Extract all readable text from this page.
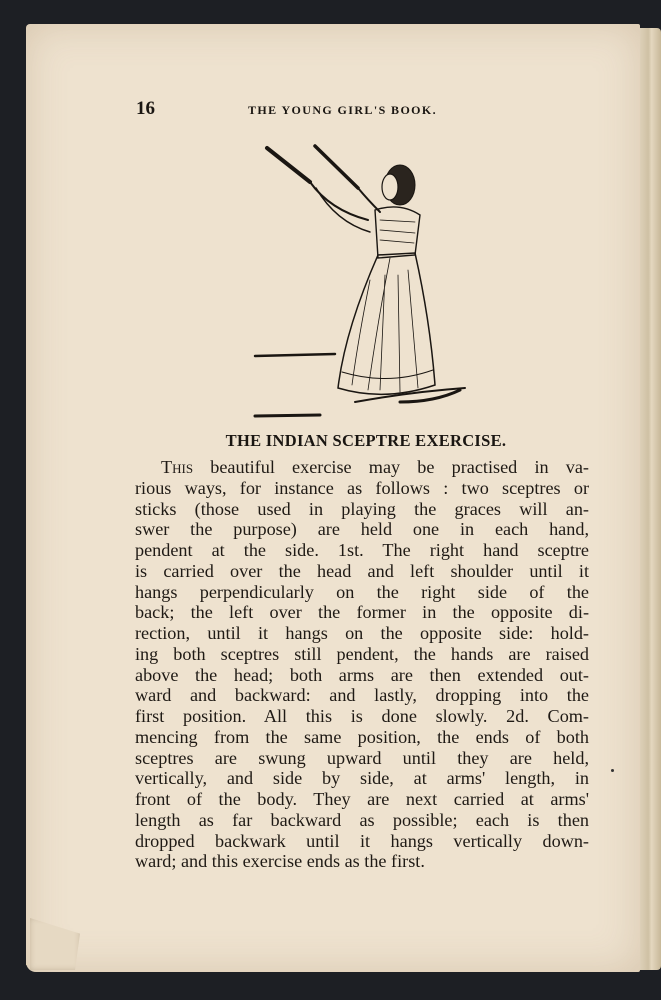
16	THE YOUNG GIRL'S BOOK.
THE INDIAN SCEPTRE EXERCISE.
This beautiful exercise may be practised in va-
rious ways, for instance as follows : two sceptres or
sticks (those used in playing the graces will an-
swer the purpose) are held one in each hand,
pendent at the side. 1st. The right hand sceptre
is carried over the head and left shoulder until it
hangs perpendicularly on the right side of the
back; the left over the former in the opposite di-
rection, until it hangs on the opposite side: hold-
ing both sceptres still pendent, the hands are raised
above the head; both arms are then extended out-
ward and backward: and lastly, dropping into the
first position. All this is done slowly. 2d. Com-
mencing from the same position, the ends of both
sceptres are swung upward until they are held,
vertically, and side by side, at arms' length, in
front of the body. They are next carried at arms'
length as far backward as possible; each is then
dropped backwark until it hangs vertically down-
ward; and this exercise ends as the first.
